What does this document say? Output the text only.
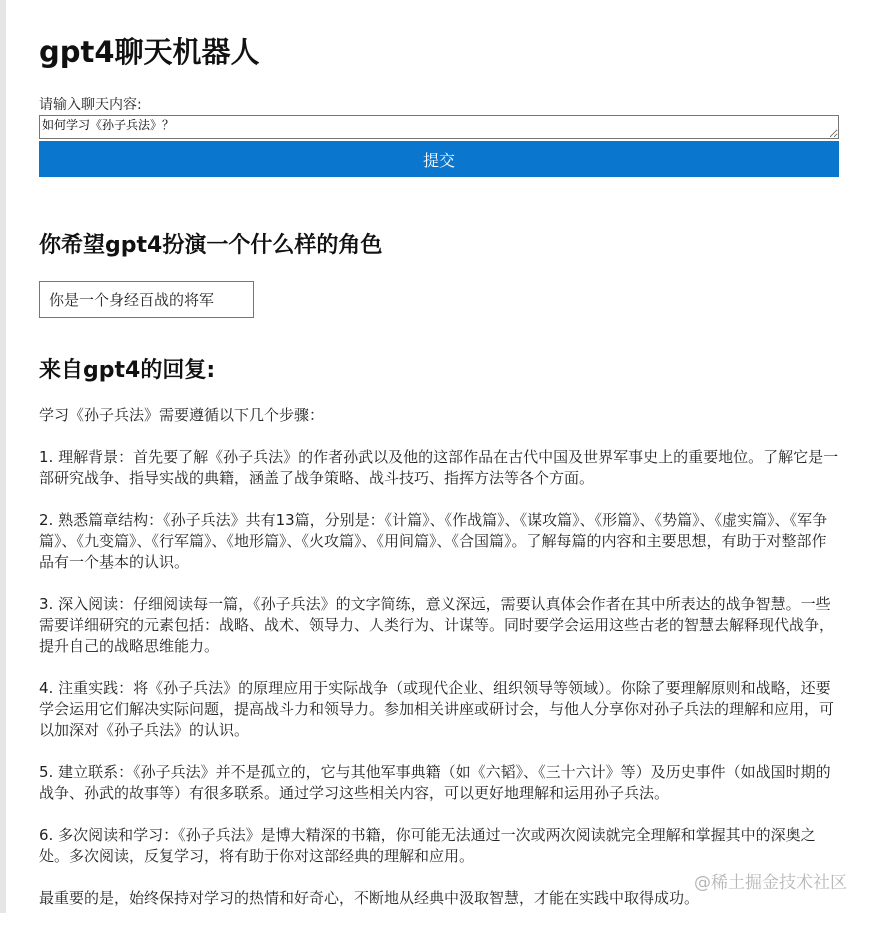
gpt4聊天机器人
请输入聊天内容:
如何学习《孙子兵法》？
提交
你希望gpt4扮演一个什么样的角色
你是一个身经百战的将军
来自gpt4的回复:

学习《孙子兵法》需要遵循以下几个步骤：

1. 理解背景：首先要了解《孙子兵法》的作者孙武以及他的这部作品在古代中国及世界军事史上的重要地位。了解它是一部研究战争、指导实战的典籍，涵盖了战争策略、战斗技巧、指挥方法等各个方面。

2. 熟悉篇章结构：《孙子兵法》共有13篇，分别是：《计篇》、《作战篇》、《谋攻篇》、《形篇》、《势篇》、《虚实篇》、《军争篇》、《九变篇》、《行军篇》、《地形篇》、《火攻篇》、《用间篇》、《合国篇》。了解每篇的内容和主要思想，有助于对整部作品有一个基本的认识。

3. 深入阅读：仔细阅读每一篇，《孙子兵法》的文字简练，意义深远，需要认真体会作者在其中所表达的战争智慧。一些需要详细研究的元素包括：战略、战术、领导力、人类行为、计谋等。同时要学会运用这些古老的智慧去解释现代战争，提升自己的战略思维能力。

4. 注重实践：将《孙子兵法》的原理应用于实际战争（或现代企业、组织领导等领域）。你除了要理解原则和战略，还要学会运用它们解决实际问题，提高战斗力和领导力。参加相关讲座或研讨会，与他人分享你对孙子兵法的理解和应用，可以加深对《孙子兵法》的认识。

5. 建立联系：《孙子兵法》并不是孤立的，它与其他军事典籍（如《六韬》、《三十六计》等）及历史事件（如战国时期的战争、孙武的故事等）有很多联系。通过学习这些相关内容，可以更好地理解和运用孙子兵法。

6. 多次阅读和学习：《孙子兵法》是博大精深的书籍，你可能无法通过一次或两次阅读就完全理解和掌握其中的深奥之处。多次阅读，反复学习，将有助于你对这部经典的理解和应用。

最重要的是，始终保持对学习的热情和好奇心，不断地从经典中汲取智慧，才能在实践中取得成功。

@稀土掘金技术社区
